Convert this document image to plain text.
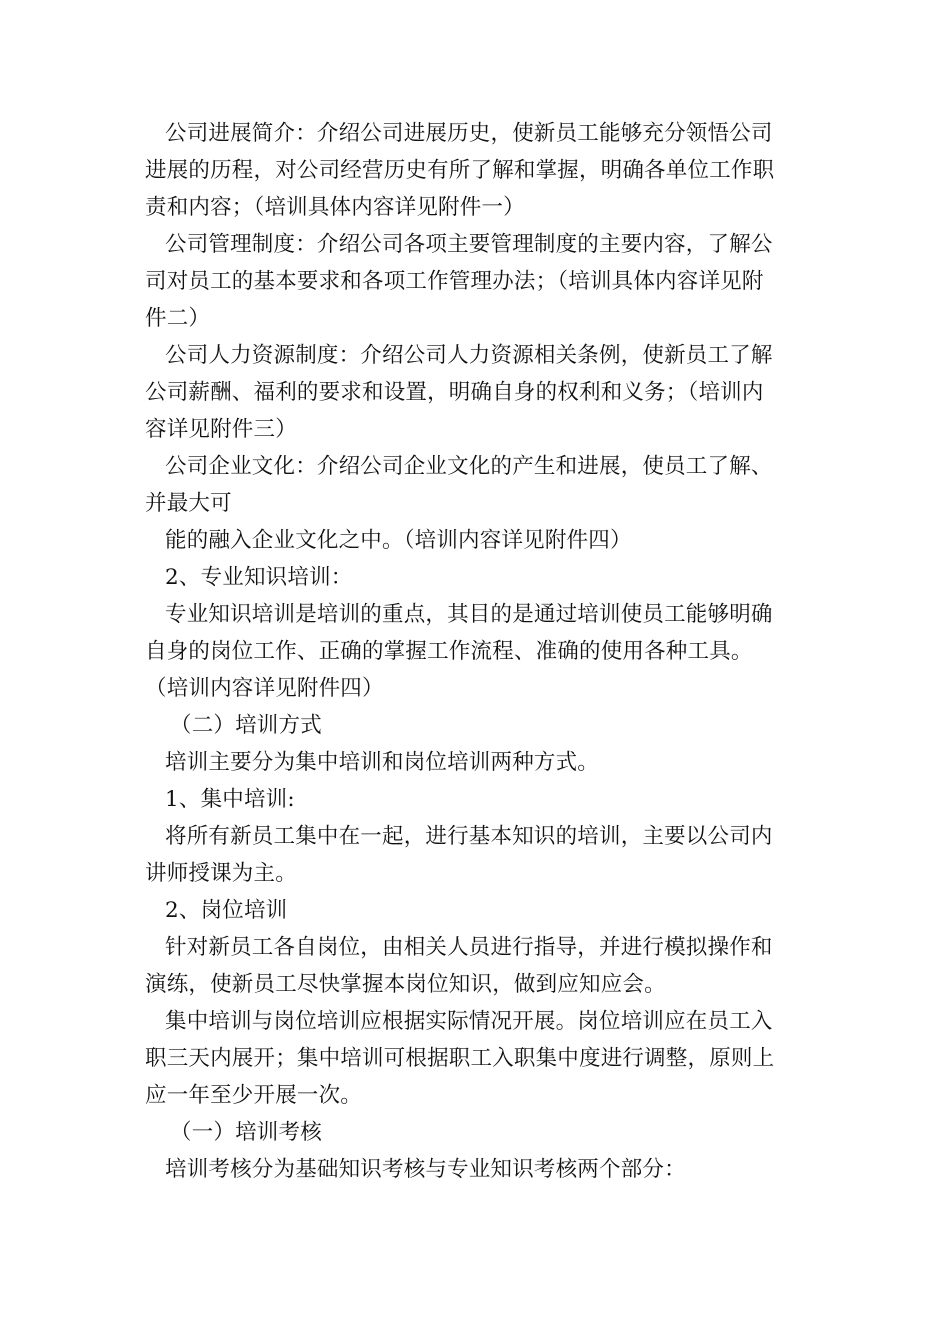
公司进展简介：介绍公司进展历史，使新员工能够充分领悟公司
进展的历程，对公司经营历史有所了解和掌握，明确各单位工作职
责和内容；（培训具体内容详见附件一）
公司管理制度：介绍公司各项主要管理制度的主要内容，了解公
司对员工的基本要求和各项工作管理办法；（培训具体内容详见附
件二）
公司人力资源制度：介绍公司人力资源相关条例，使新员工了解
公司薪酬、福利的要求和设置，明确自身的权利和义务；（培训内
容详见附件三）
公司企业文化：介绍公司企业文化的产生和进展，使员工了解、
并最大可
能的融入企业文化之中。（培训内容详见附件四）
2、专业知识培训：
专业知识培训是培训的重点，其目的是通过培训使员工能够明确
自身的岗位工作、正确的掌握工作流程、准确的使用各种工具。
（培训内容详见附件四）
（二）培训方式
培训主要分为集中培训和岗位培训两种方式。
1、集中培训:
将所有新员工集中在一起，进行基本知识的培训，主要以公司内
讲师授课为主。
2、岗位培训
针对新员工各自岗位，由相关人员进行指导，并进行模拟操作和
演练，使新员工尽快掌握本岗位知识，做到应知应会。
集中培训与岗位培训应根据实际情况开展。岗位培训应在员工入
职三天内展开；集中培训可根据职工入职集中度进行调整，原则上
应一年至少开展一次。
（一）培训考核
培训考核分为基础知识考核与专业知识考核两个部分：
